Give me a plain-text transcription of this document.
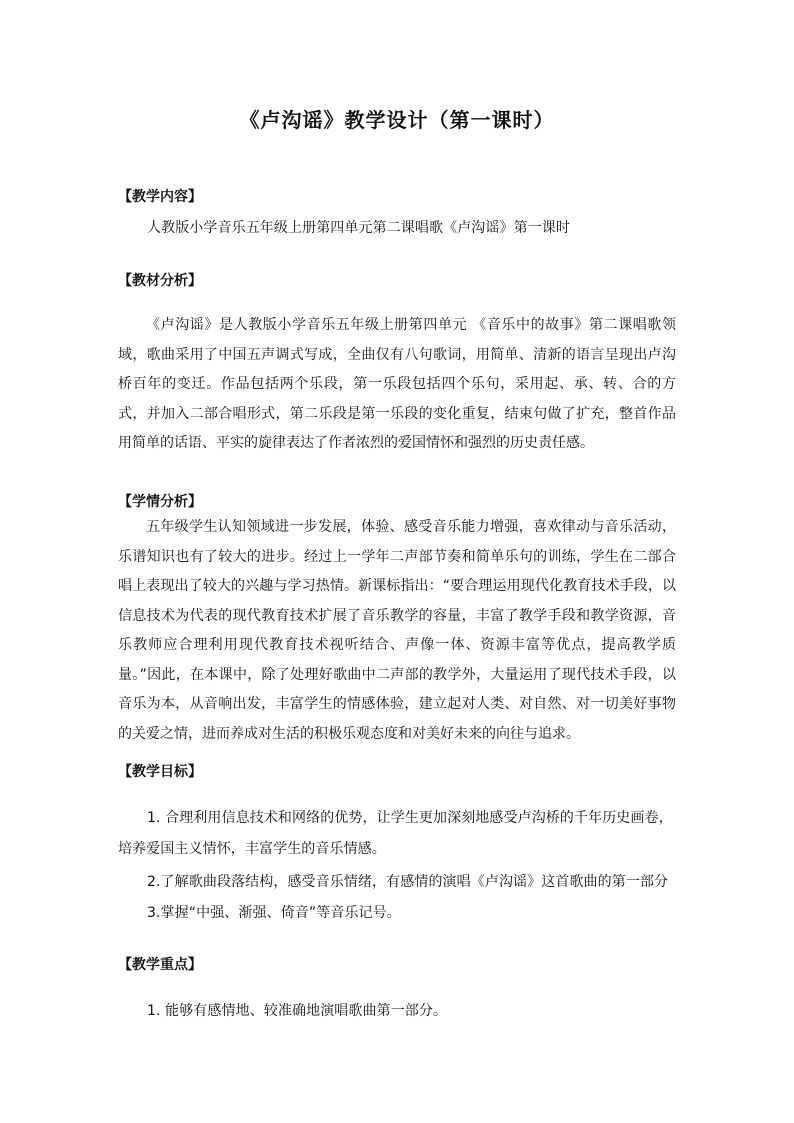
《卢沟谣》教学设计（第一课时）
【教学内容】
人教版小学音乐五年级上册第四单元第二课唱歌《卢沟谣》第一课时
【教材分析】
《卢沟谣》是人教版小学音乐五年级上册第四单元 《音乐中的故事》第二课唱歌领域，歌曲采用了中国五声调式写成，全曲仅有八句歌词，用简单、清新的语言呈现出卢沟桥百年的变迁。作品包括两个乐段，第一乐段包括四个乐句，采用起、承、转、合的方式，并加入二部合唱形式，第二乐段是第一乐段的变化重复，结束句做了扩充，整首作品用简单的话语、平实的旋律表达了作者浓烈的爱国情怀和强烈的历史责任感。
【学情分析】
五年级学生认知领域进一步发展，体验、感受音乐能力增强，喜欢律动与音乐活动，乐谱知识也有了较大的进步。经过上一学年二声部节奏和简单乐句的训练，学生在二部合唱上表现出了较大的兴趣与学习热情。新课标指出：“要合理运用现代化教育技术手段，以信息技术为代表的现代教育技术扩展了音乐教学的容量，丰富了教学手段和教学资源，音乐教师应合理利用现代教育技术视听结合、声像一体、资源丰富等优点，提高教学质量。”因此，在本课中，除了处理好歌曲中二声部的教学外，大量运用了现代技术手段，以音乐为本，从音响出发，丰富学生的情感体验，建立起对人类、对自然、对一切美好事物的关爱之情，进而养成对生活的积极乐观态度和对美好未来的向往与追求。
【教学目标】
1. 合理利用信息技术和网络的优势，让学生更加深刻地感受卢沟桥的千年历史画卷，
培养爱国主义情怀，丰富学生的音乐情感。
2.了解歌曲段落结构，感受音乐情绪，有感情的演唱《卢沟谣》这首歌曲的第一部分
3.掌握“中强、渐强、倚音”等音乐记号。
【教学重点】
1. 能够有感情地、较准确地演唱歌曲第一部分。
